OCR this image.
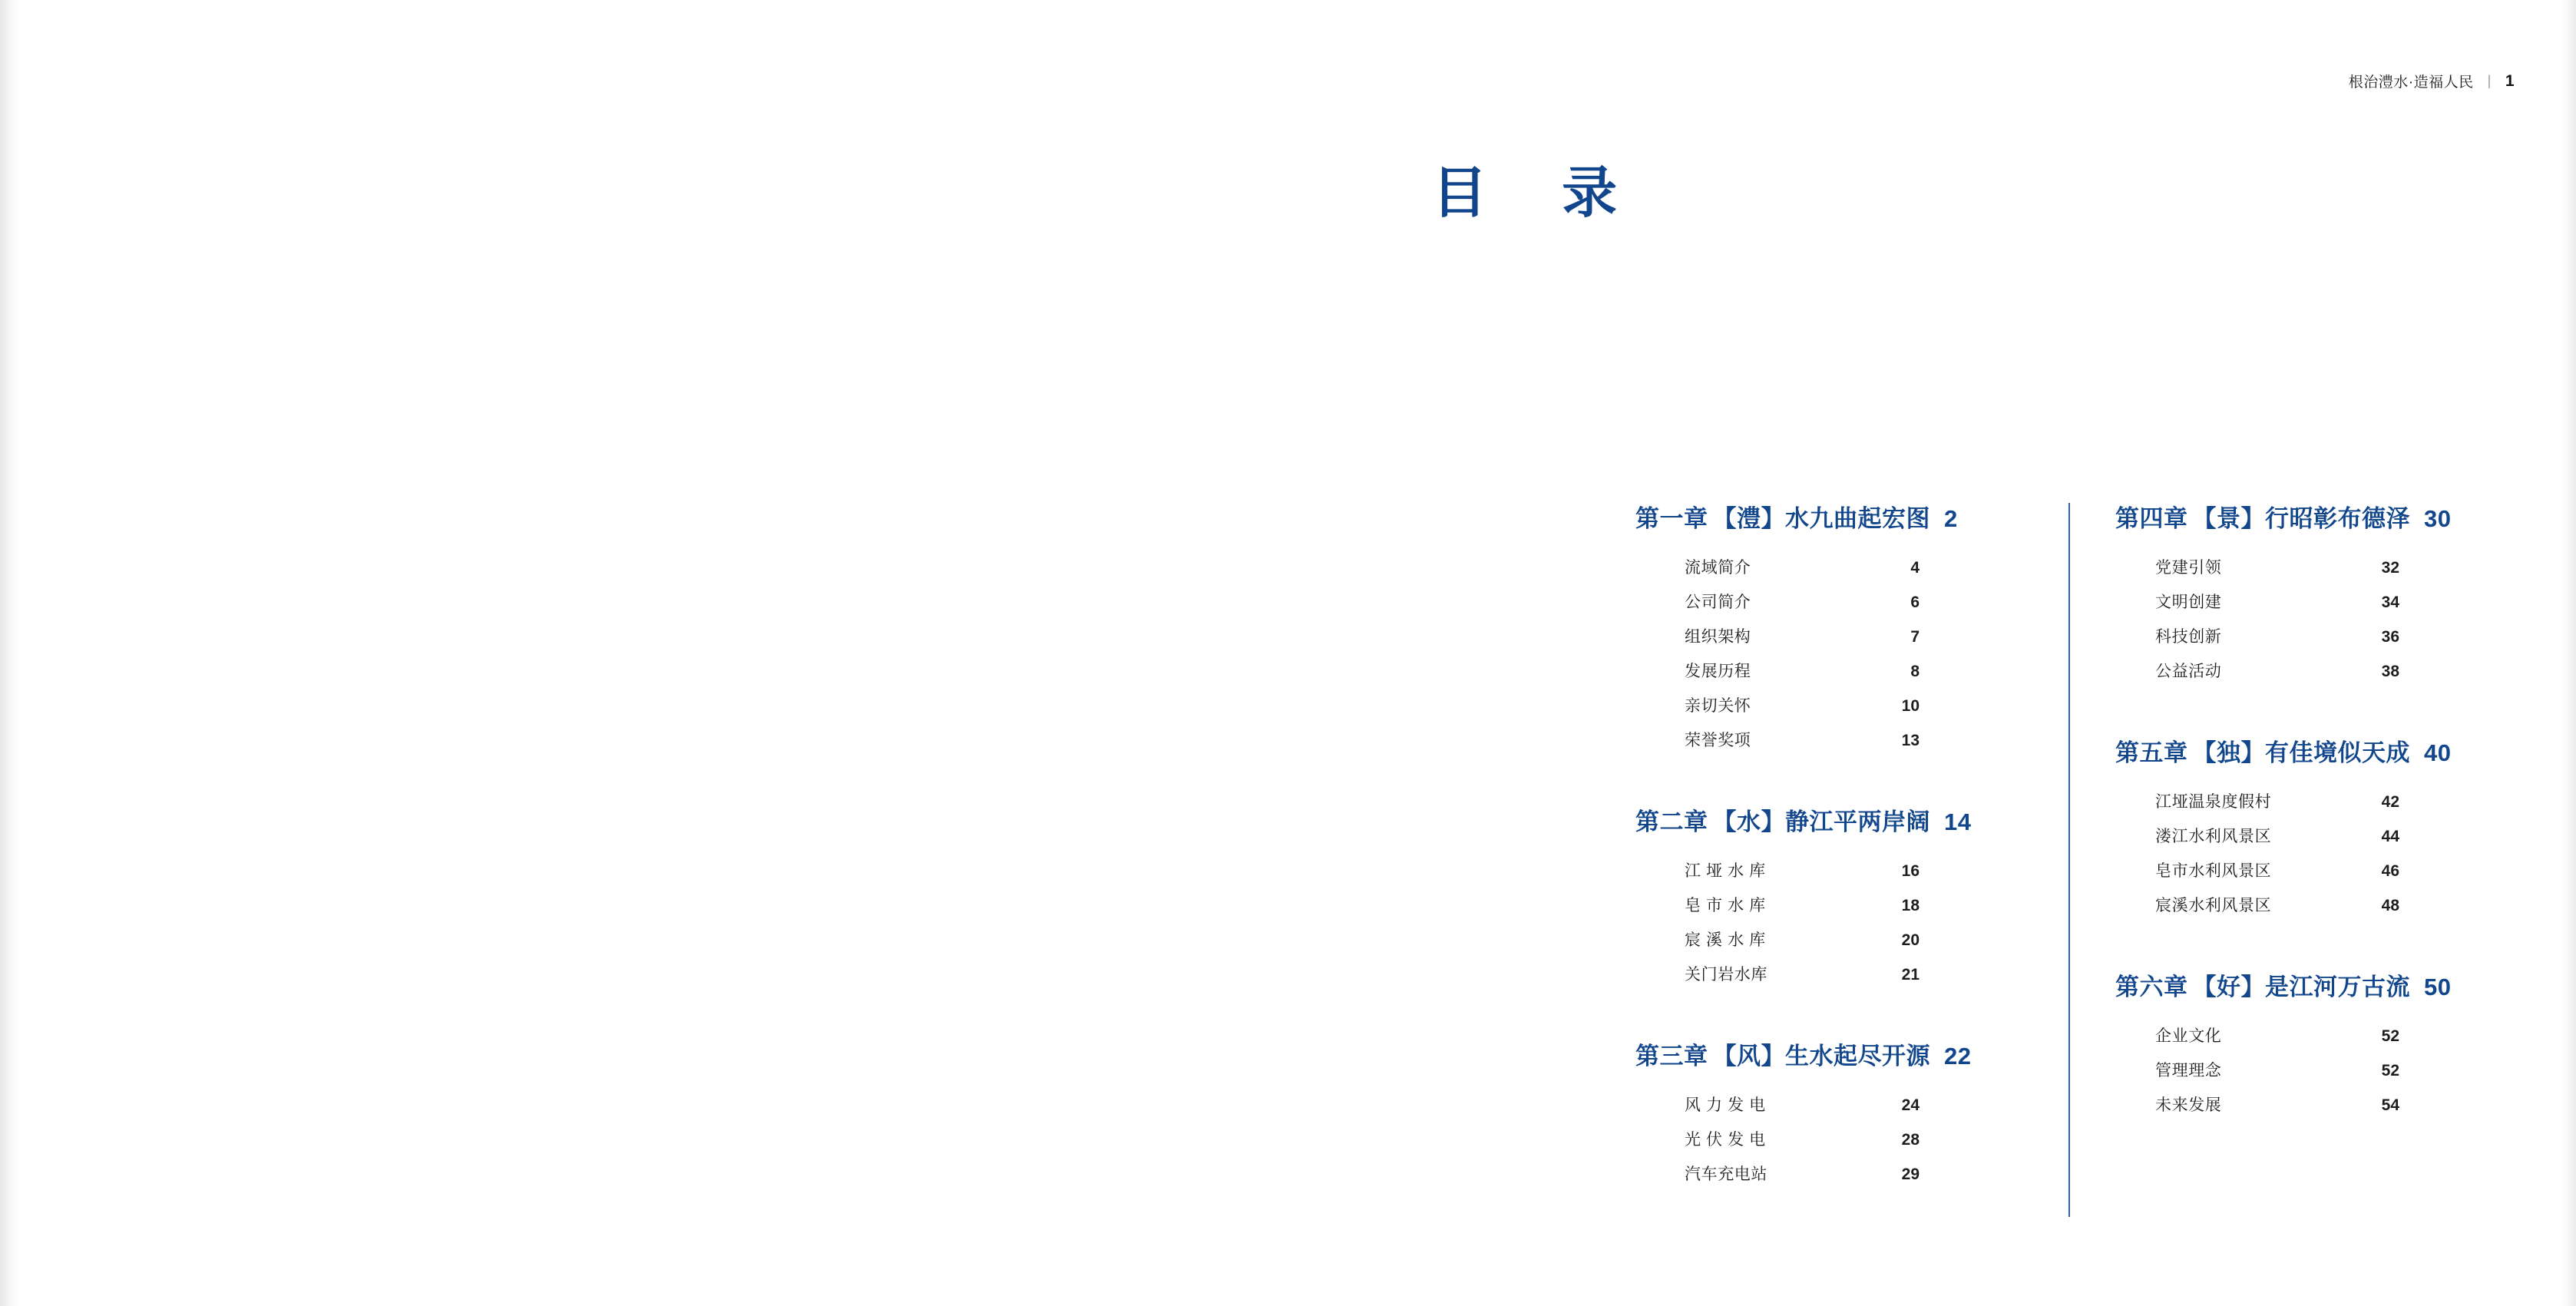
根治澧水·造福人民 | 1
目 录
第一章 【澧】水九曲起宏图 2
流域简介	4
公司简介	6
组织架构	7
发展历程	8
亲切关怀	10
荣誉奖项	13
第二章 【水】静江平两岸阔 14
江 垭 水 库	16
皂 市 水 库	18
宸 溪 水 库	20
关门岩水库	21
第三章 【风】生水起尽开源 22
风 力 发 电	24
光 伏 发 电	28
汽车充电站	29
第四章 【景】行昭彰布德泽 30
党建引领	32
文明创建	34
科技创新	36
公益活动	38
第五章 【独】有佳境似天成 40
江垭温泉度假村	42
溇江水利风景区	44
皂市水利风景区	46
宸溪水利风景区	48
第六章 【好】是江河万古流 50
企业文化	52
管理理念	52
未来发展	54
